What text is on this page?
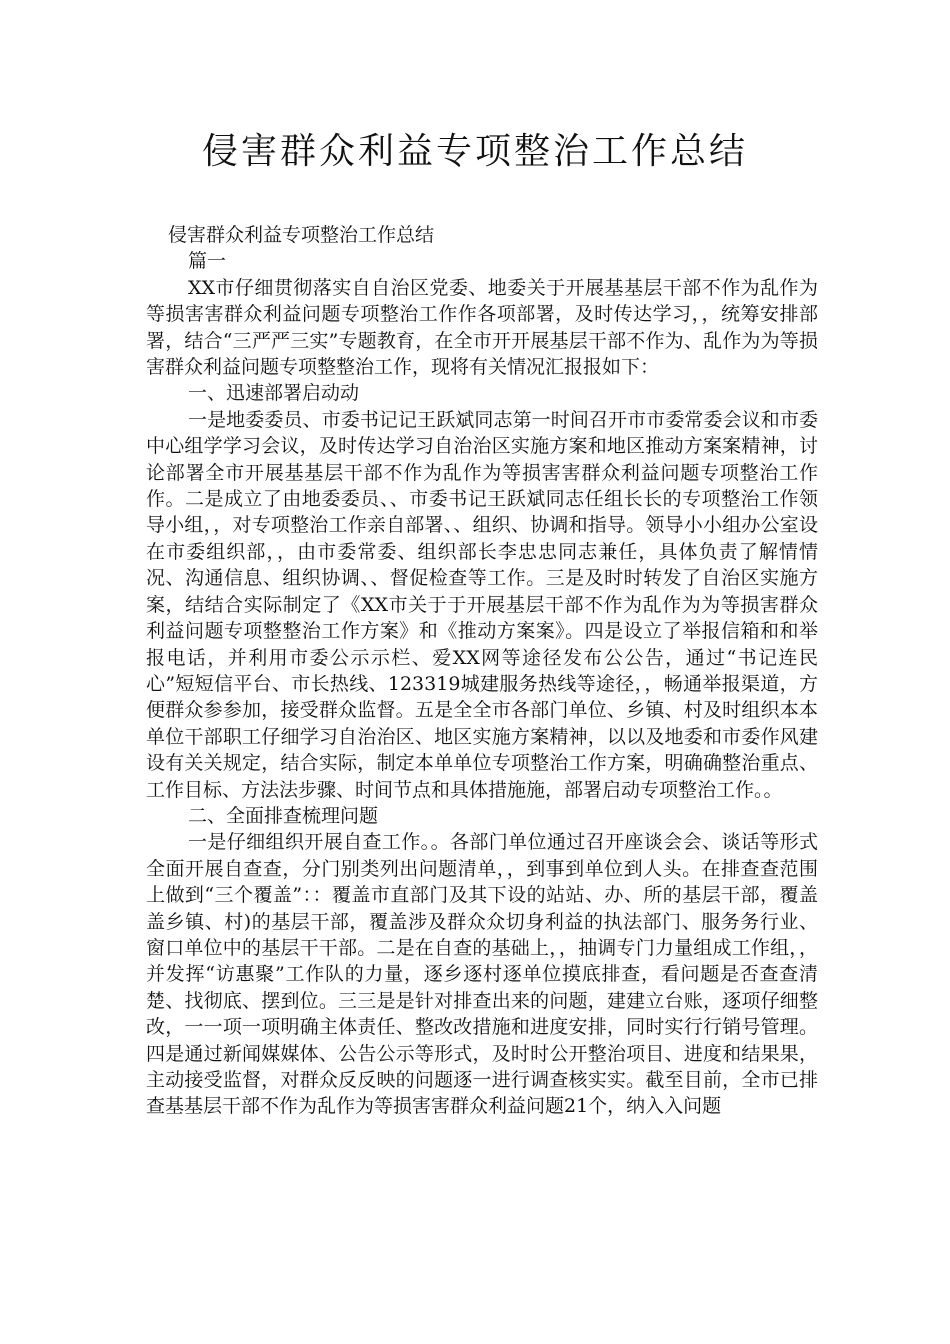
侵害群众利益专项整治工作总结

侵害群众利益专项整治工作总结

篇一

XX市仔细贯彻落实自自治区党委、地委关于开展基基层干部不作为乱作为等损害害群众利益问题专项整治工作作各项部署，及时传达学习，，统筹安排部署，结合“三严严三实”专题教育，在全市开开展基层干部不作为、乱作为为等损害群众利益问题专项整整治工作，现将有关情况汇报报如下：

一、迅速部署启动动

一是地委委员、市委书记记王跃斌同志第一时间召开市市委常委会议和市委中心组学学习会议，及时传达学习自治治区实施方案和地区推动方案案精神，讨论部署全市开展基基层干部不作为乱作为等损害害群众利益问题专项整治工作作。二是成立了由地委委员、、市委书记王跃斌同志任组长长的专项整治工作领导小组，，对专项整治工作亲自部署、、组织、协调和指导。领导小小组办公室设在市委组织部，，由市委常委、组织部长李忠忠同志兼任，具体负责了解情情况、沟通信息、组织协调、、督促检查等工作。三是及时时转发了自治区实施方案，结结合实际制定了《XX市关于于开展基层干部不作为乱作为为等损害群众利益问题专项整整治工作方案》和《推动方案案》。四是设立了举报信箱和和举报电话，并利用市委公示示栏、爱XX网等途径发布公公告，通过“书记连民心”短短信平台、市长热线、123319城建服务热线等途径，，畅通举报渠道，方便群众参参加，接受群众监督。五是全全市各部门单位、乡镇、村及时组织本本单位干部职工仔细学习自治治区、地区实施方案精神，以以及地委和市委作风建设有关关规定，结合实际，制定本单单位专项整治工作方案，明确确整治重点、工作目标、方法法步骤、时间节点和具体措施施，部署启动专项整治工作。。

二、全面排查梳理问题

一是仔细组织开展自查工作。。各部门单位通过召开座谈会会、谈话等形式全面开展自查查，分门别类列出问题清单，，到事到单位到人头。在排查查范围上做到“三个覆盖”：：覆盖市直部门及其下设的站站、办、所的基层干部，覆盖盖乡镇、村)的基层干部，覆盖涉及群众众切身利益的执法部门、服务务行业、窗口单位中的基层干干部。二是在自查的基础上，，抽调专门力量组成工作组，，并发挥“访惠聚”工作队的力量，逐乡逐村逐单位摸底排查，看问题是否查查清楚、找彻底、摆到位。三三是是针对排查出来的问题，建建立台账，逐项仔细整改，一一项一项明确主体责任、整改改措施和进度安排，同时实行行销号管理。四是通过新闻媒媒体、公告公示等形式，及时时公开整治项目、进度和结果果，主动接受监督，对群众反反映的问题逐一进行调查核实实。截至目前，全市已排查基基层干部不作为乱作为等损害害群众利益问题21个，纳入入问题
